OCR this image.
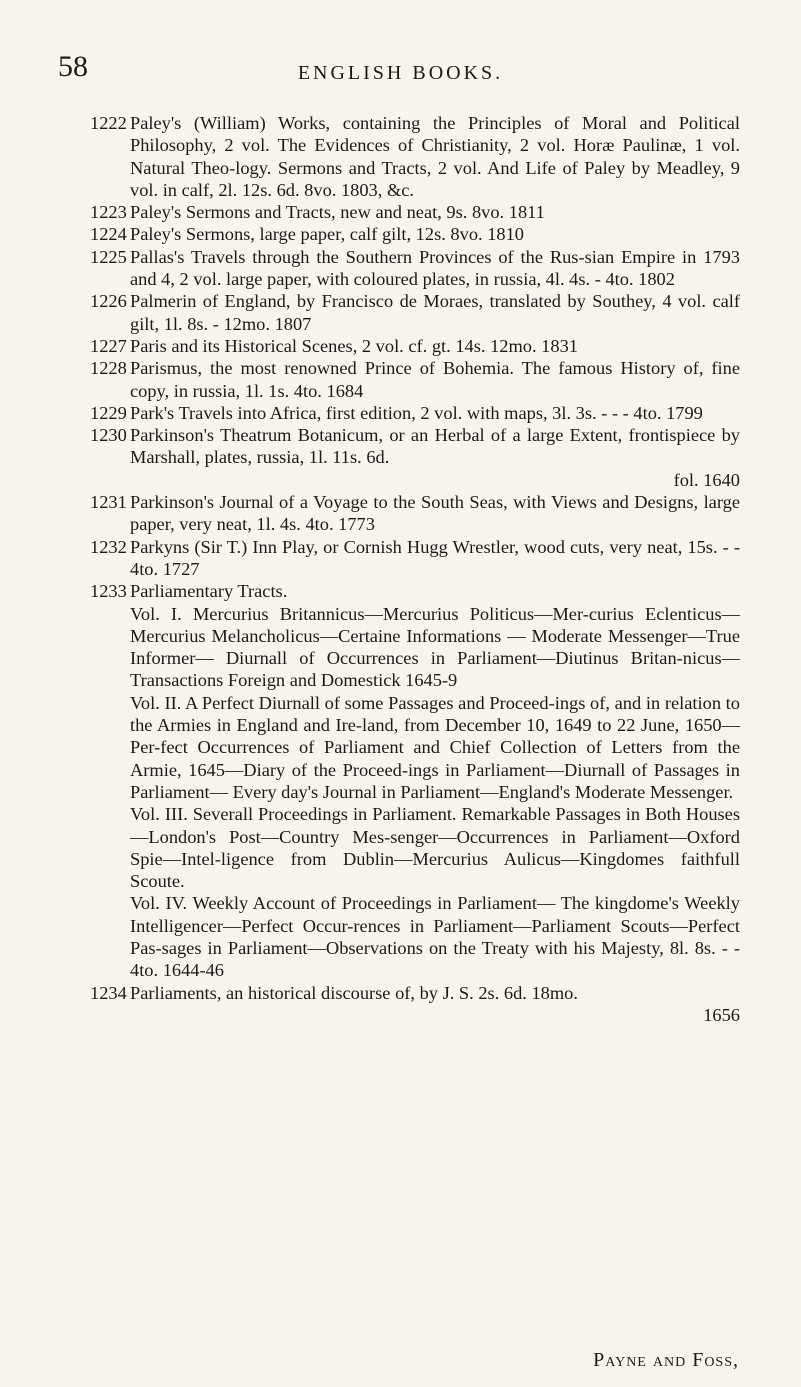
58	ENGLISH BOOKS.
1222 Paley's (William) Works, containing the Principles of Moral and Political Philosophy, 2 vol. The Evidences of Christianity, 2 vol. Horæ Paulinæ, 1 vol. Natural Theo-logy. Sermons and Tracts, 2 vol. And Life of Paley by Meadley, 9 vol. in calf, 2l. 12s. 6d. 8vo. 1803, &c.
1223 Paley's Sermons and Tracts, new and neat, 9s. 8vo. 1811
1224 Paley's Sermons, large paper, calf gilt, 12s. 8vo. 1810
1225 Pallas's Travels through the Southern Provinces of the Rus-sian Empire in 1793 and 4, 2 vol. large paper, with coloured plates, in russia, 4l. 4s. - 4to. 1802
1226 Palmerin of England, by Francisco de Moraes, translated by Southey, 4 vol. calf gilt, 1l. 8s. - 12mo. 1807
1227 Paris and its Historical Scenes, 2 vol. cf. gt. 14s. 12mo. 1831
1228 Parismus, the most renowned Prince of Bohemia. The famous History of, fine copy, in russia, 1l. 1s. 4to. 1684
1229 Park's Travels into Africa, first edition, 2 vol. with maps, 3l. 3s. - - - 4to. 1799
1230 Parkinson's Theatrum Botanicum, or an Herbal of a large Extent, frontispiece by Marshall, plates, russia, 1l. 11s. 6d.
fol. 1640
1231 Parkinson's Journal of a Voyage to the South Seas, with Views and Designs, large paper, very neat, 1l. 4s. 4to. 1773
1232 Parkyns (Sir T.) Inn Play, or Cornish Hugg Wrestler, wood cuts, very neat, 15s. - - 4to. 1727
1233 Parliamentary Tracts.
Vol. I. Mercurius Britannicus—Mercurius Politicus—Mer-curius Eclenticus—Mercurius Melancholicus—Certaine Informations — Moderate Messenger—True Informer— Diurnall of Occurrences in Parliament—Diutinus Britan-nicus—Transactions Foreign and Domestick 1645-9
Vol. II. A Perfect Diurnall of some Passages and Proceed-ings of, and in relation to the Armies in England and Ire-land, from December 10, 1649 to 22 June, 1650—Per-fect Occurrences of Parliament and Chief Collection of Letters from the Armie, 1645—Diary of the Proceed-ings in Parliament—Diurnall of Passages in Parliament— Every day's Journal in Parliament—England's Moderate Messenger.
Vol. III. Severall Proceedings in Parliament. Remarkable Passages in Both Houses—London's Post—Country Mes-senger—Occurrences in Parliament—Oxford Spie—Intel-ligence from Dublin—Mercurius Aulicus—Kingdomes faithfull Scoute.
Vol. IV. Weekly Account of Proceedings in Parliament— The kingdome's Weekly Intelligencer—Perfect Occur-rences in Parliament—Parliament Scouts—Perfect Pas-sages in Parliament—Observations on the Treaty with his Majesty, 8l. 8s. - - 4to. 1644-46
1234 Parliaments, an historical discourse of, by J. S. 2s. 6d. 18mo.
1656
Payne and Foss,
